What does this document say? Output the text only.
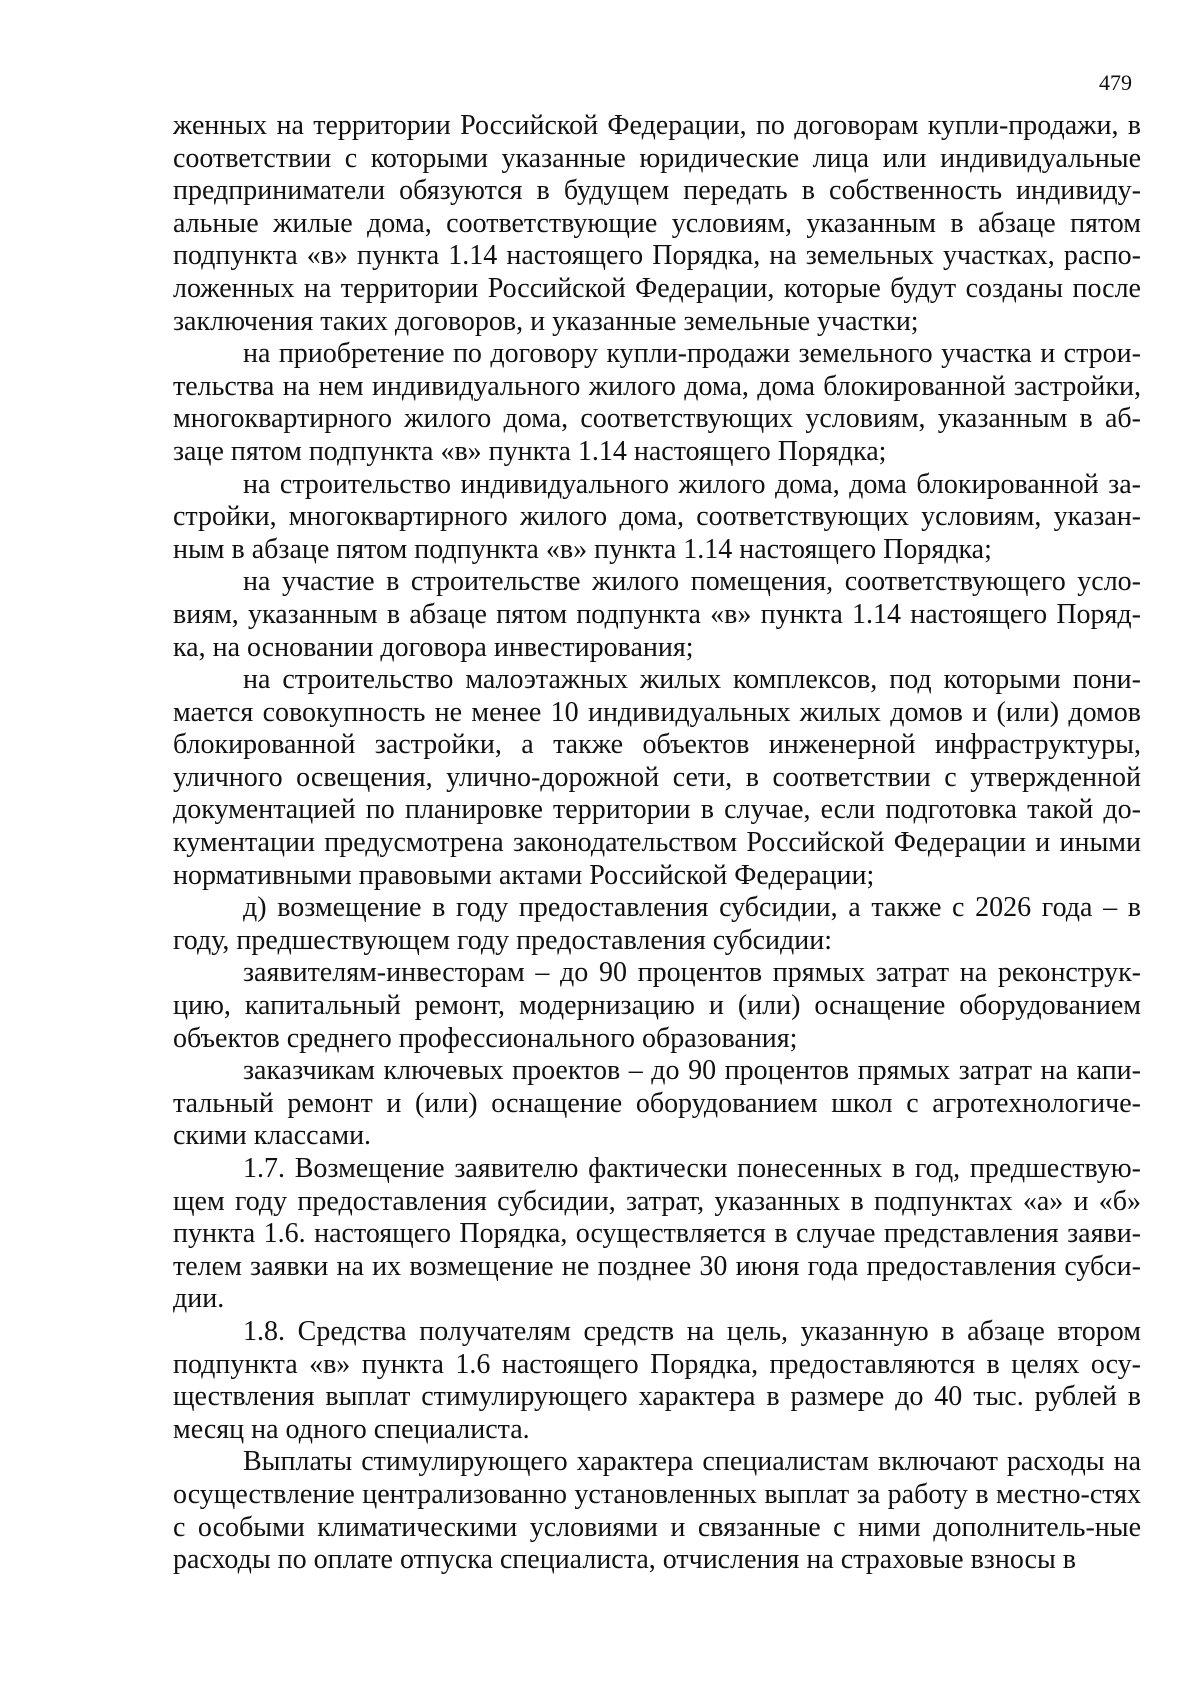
479

женных на территории Российской Федерации, по договорам купли-продажи, в соответствии с которыми указанные юридические лица или индивидуальные предприниматели обязуются в будущем передать в собственность индивиду-альные жилые дома, соответствующие условиям, указанным в абзаце пятом подпункта «в» пункта 1.14 настоящего Порядка, на земельных участках, распо-ложенных на территории Российской Федерации, которые будут созданы после заключения таких договоров, и указанные земельные участки;

на приобретение по договору купли-продажи земельного участка и строи-тельства на нем индивидуального жилого дома, дома блокированной застройки, многоквартирного жилого дома, соответствующих условиям, указанным в аб-заце пятом подпункта «в» пункта 1.14 настоящего Порядка;

на строительство индивидуального жилого дома, дома блокированной за-стройки, многоквартирного жилого дома, соответствующих условиям, указан-ным в абзаце пятом подпункта «в» пункта 1.14 настоящего Порядка;

на участие в строительстве жилого помещения, соответствующего усло-виям, указанным в абзаце пятом подпункта «в» пункта 1.14 настоящего Поряд-ка, на основании договора инвестирования;

на строительство малоэтажных жилых комплексов, под которыми пони-мается совокупность не менее 10 индивидуальных жилых домов и (или) домов блокированной застройки, а также объектов инженерной инфраструктуры, уличного освещения, улично-дорожной сети, в соответствии с утвержденной документацией по планировке территории в случае, если подготовка такой до-кументации предусмотрена законодательством Российской Федерации и иными нормативными правовыми актами Российской Федерации;

д) возмещение в году предоставления субсидии, а также с 2026 года – в году, предшествующем году предоставления субсидии:

заявителям-инвесторам – до 90 процентов прямых затрат на реконструк-цию, капитальный ремонт, модернизацию и (или) оснащение оборудованием объектов среднего профессионального образования;

заказчикам ключевых проектов – до 90 процентов прямых затрат на капи-тальный ремонт и (или) оснащение оборудованием школ с агротехнологиче-скими классами.

1.7. Возмещение заявителю фактически понесенных в год, предшествую-щем году предоставления субсидии, затрат, указанных в подпунктах «а» и «б» пункта 1.6. настоящего Порядка, осуществляется в случае представления заяви-телем заявки на их возмещение не позднее 30 июня года предоставления субси-дии.

1.8. Средства получателям средств на цель, указанную в абзаце втором подпункта «в» пункта 1.6 настоящего Порядка, предоставляются в целях осу-ществления выплат стимулирующего характера в размере до 40 тыс. рублей в месяц на одного специалиста.

Выплаты стимулирующего характера специалистам включают расходы на осуществление централизованно установленных выплат за работу в местно-стях с особыми климатическими условиями и связанные с ними дополнитель-ные расходы по оплате отпуска специалиста, отчисления на страховые взносы в
